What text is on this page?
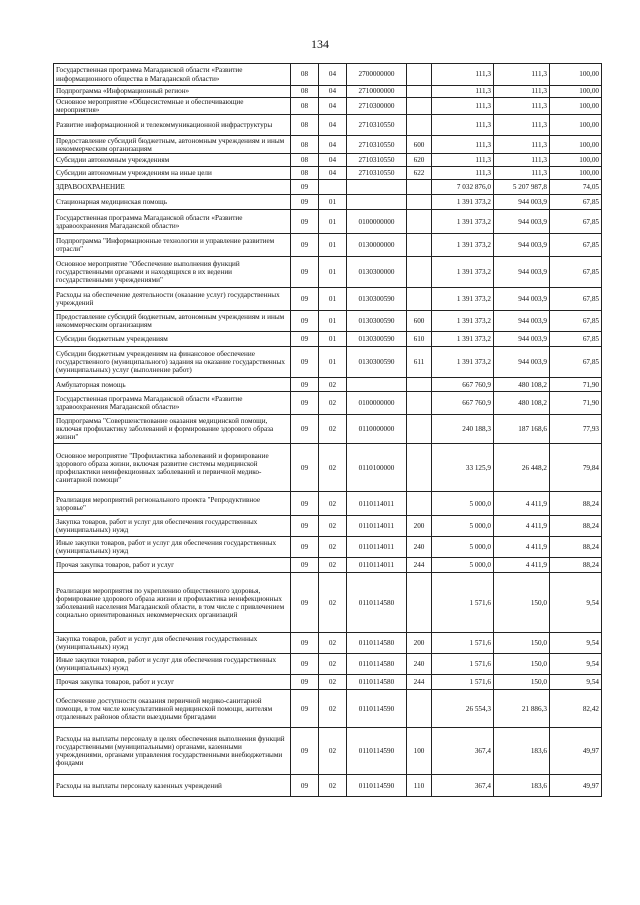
134
Государственная программа Магаданской области «Развитие информационного общества в Магаданской области»	08	04	2700000000		111,3	111,3	100,00
Подпрограмма «Информационный регион»	08	04	2710000000		111,3	111,3	100,00
Основное мероприятие «Общесистемные и обеспечивающие мероприятия»	08	04	2710300000		111,3	111,3	100,00
Развитие информационной и телекоммуникационной инфраструктуры	08	04	2710310550		111,3	111,3	100,00
Предоставление субсидий бюджетным, автономным учреждениям и иным некоммерческим организациям	08	04	2710310550	600	111,3	111,3	100,00
Субсидии автономным учреждениям	08	04	2710310550	620	111,3	111,3	100,00
Субсидии автономным учреждениям на иные цели	08	04	2710310550	622	111,3	111,3	100,00
ЗДРАВООХРАНЕНИЕ	09				7 032 876,0	5 207 987,8	74,05
Стационарная медицинская помощь	09	01			1 391 373,2	944 003,9	67,85
Государственная программа Магаданской области «Развитие здравоохранения Магаданской области»	09	01	0100000000		1 391 373,2	944 003,9	67,85
Подпрограмма "Информационные технологии и управление развитием отрасли"	09	01	0130000000		1 391 373,2	944 003,9	67,85
Основное мероприятие "Обеспечение выполнения функций государственными органами и находящихся в их ведении государственными учреждениями"	09	01	0130300000		1 391 373,2	944 003,9	67,85
Расходы на обеспечение деятельности (оказание услуг) государственных учреждений	09	01	0130300590		1 391 373,2	944 003,9	67,85
Предоставление субсидий бюджетным, автономным учреждениям и иным некоммерческим организациям	09	01	0130300590	600	1 391 373,2	944 003,9	67,85
Субсидии бюджетным учреждениям	09	01	0130300590	610	1 391 373,2	944 003,9	67,85
Субсидии бюджетным учреждениям на финансовое обеспечение государственного (муниципального) задания на оказание государственных (муниципальных) услуг (выполнение работ)	09	01	0130300590	611	1 391 373,2	944 003,9	67,85
Амбулаторная помощь	09	02			667 760,9	480 108,2	71,90
Государственная программа Магаданской области «Развитие здравоохранения Магаданской области»	09	02	0100000000		667 760,9	480 108,2	71,90
Подпрограмма "Совершенствование оказания медицинской помощи, включая профилактику заболеваний и формирование здорового образа жизни"	09	02	0110000000		240 188,3	187 168,6	77,93
Основное мероприятие "Профилактика заболеваний и формирование здорового образа жизни, включая развитие системы медицинской профилактики неинфекционных заболеваний и первичной медико-санитарной помощи"	09	02	0110100000		33 125,9	26 448,2	79,84
Реализация мероприятий регионального проекта "Репродуктивное здоровье"	09	02	0110114011		5 000,0	4 411,9	88,24
Закупка товаров, работ и услуг для обеспечения государственных (муниципальных) нужд	09	02	0110114011	200	5 000,0	4 411,9	88,24
Иные закупки товаров, работ и услуг для обеспечения государственных (муниципальных) нужд	09	02	0110114011	240	5 000,0	4 411,9	88,24
Прочая закупка товаров, работ и услуг	09	02	0110114011	244	5 000,0	4 411,9	88,24
Реализация мероприятия по укреплению общественного здоровья, формирование здорового образа жизни и профилактика неинфекционных заболеваний населения Магаданской области, в том числе с привлечением социально ориентированных некоммерческих организаций	09	02	0110114580		1 571,6	150,0	9,54
Закупка товаров, работ и услуг для обеспечения государственных (муниципальных) нужд	09	02	0110114580	200	1 571,6	150,0	9,54
Иные закупки товаров, работ и услуг для обеспечения государственных (муниципальных) нужд	09	02	0110114580	240	1 571,6	150,0	9,54
Прочая закупка товаров, работ и услуг	09	02	0110114580	244	1 571,6	150,0	9,54
Обеспечение доступности оказания первичной медико-санитарной помощи, в том числе консультативной медицинской помощи, жителям отдаленных районов области выездными бригадами	09	02	0110114590		26 554,3	21 886,3	82,42
Расходы на выплаты персоналу в целях обеспечения выполнения функций государственными (муниципальными) органами, казенными учреждениями, органами управления государственными внебюджетными фондами	09	02	0110114590	100	367,4	183,6	49,97
Расходы на выплаты персоналу казенных учреждений	09	02	0110114590	110	367,4	183,6	49,97
